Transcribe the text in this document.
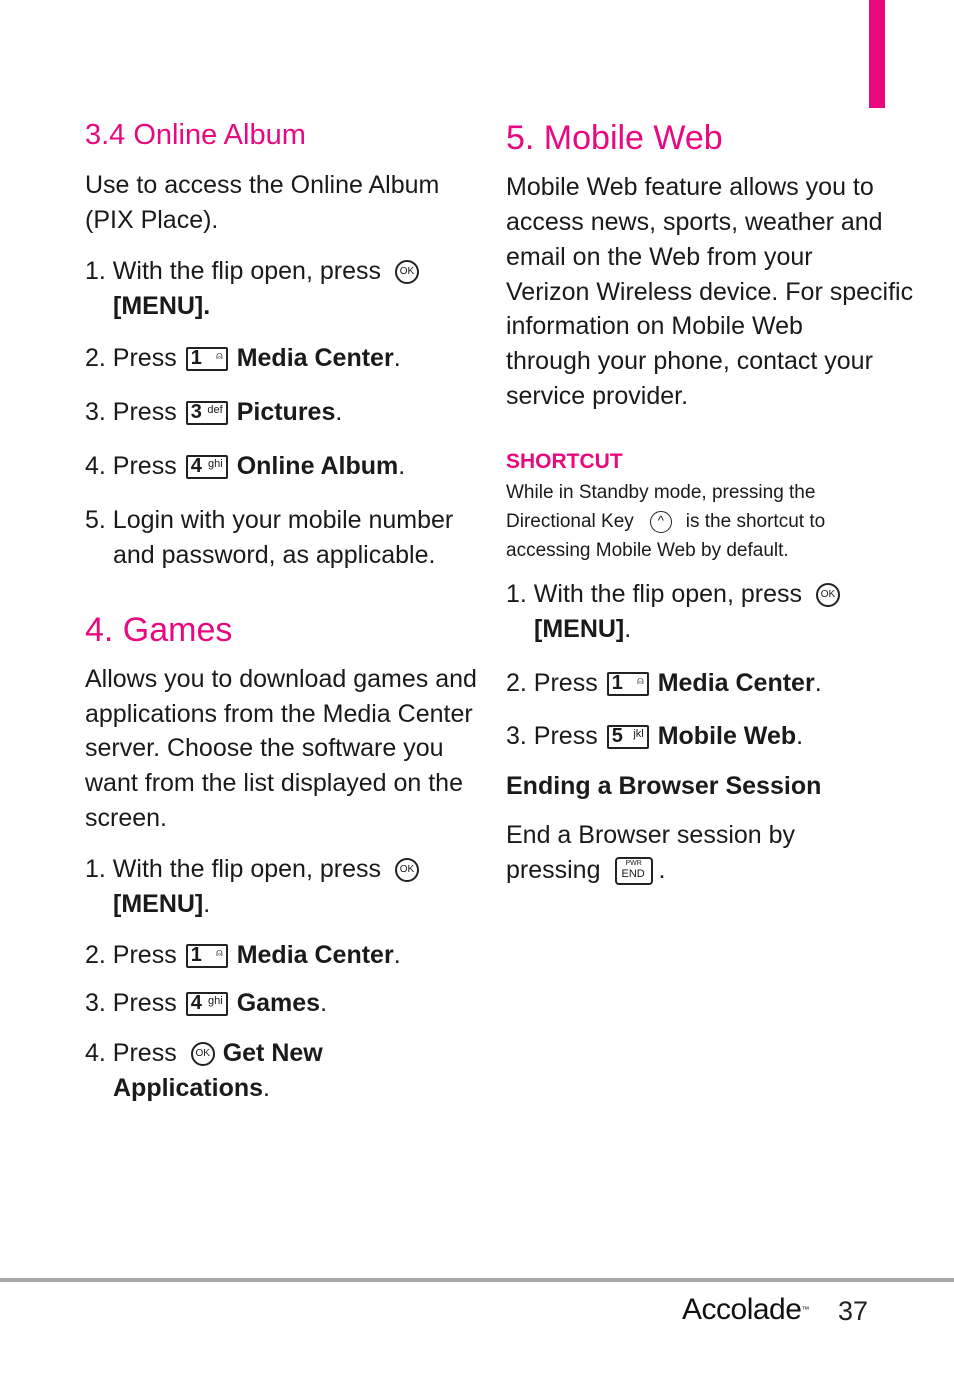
3.4 Online Album
Use to access the Online Album
(PIX Place).
1. With the flip open, press OK
[MENU].
2. Press 1 ⍝ Media Center.
3. Press 3 def Pictures.
4. Press 4 ghi Online Album.
5. Login with your mobile number
and password, as applicable.
4. Games
Allows you to download games and
applications from the Media Center
server. Choose the software you
want from the list displayed on the
screen.
1. With the flip open, press OK
[MENU].
2. Press 1 ⍝ Media Center.
3. Press 4 ghi Games.
4. Press OK Get New
Applications.
5. Mobile Web
Mobile Web feature allows you to
access news, sports, weather and
email on the Web from your
Verizon Wireless device. For specific
information on Mobile Web
through your phone, contact your
service provider.
SHORTCUT
While in Standby mode, pressing the
Directional Key ^ is the shortcut to
accessing Mobile Web by default.
1. With the flip open, press OK
[MENU].
2. Press 1 ⍝ Media Center.
3. Press 5 jkl Mobile Web.
Ending a Browser Session
End a Browser session by
pressing	PWR
END .
Accolade™ 37
